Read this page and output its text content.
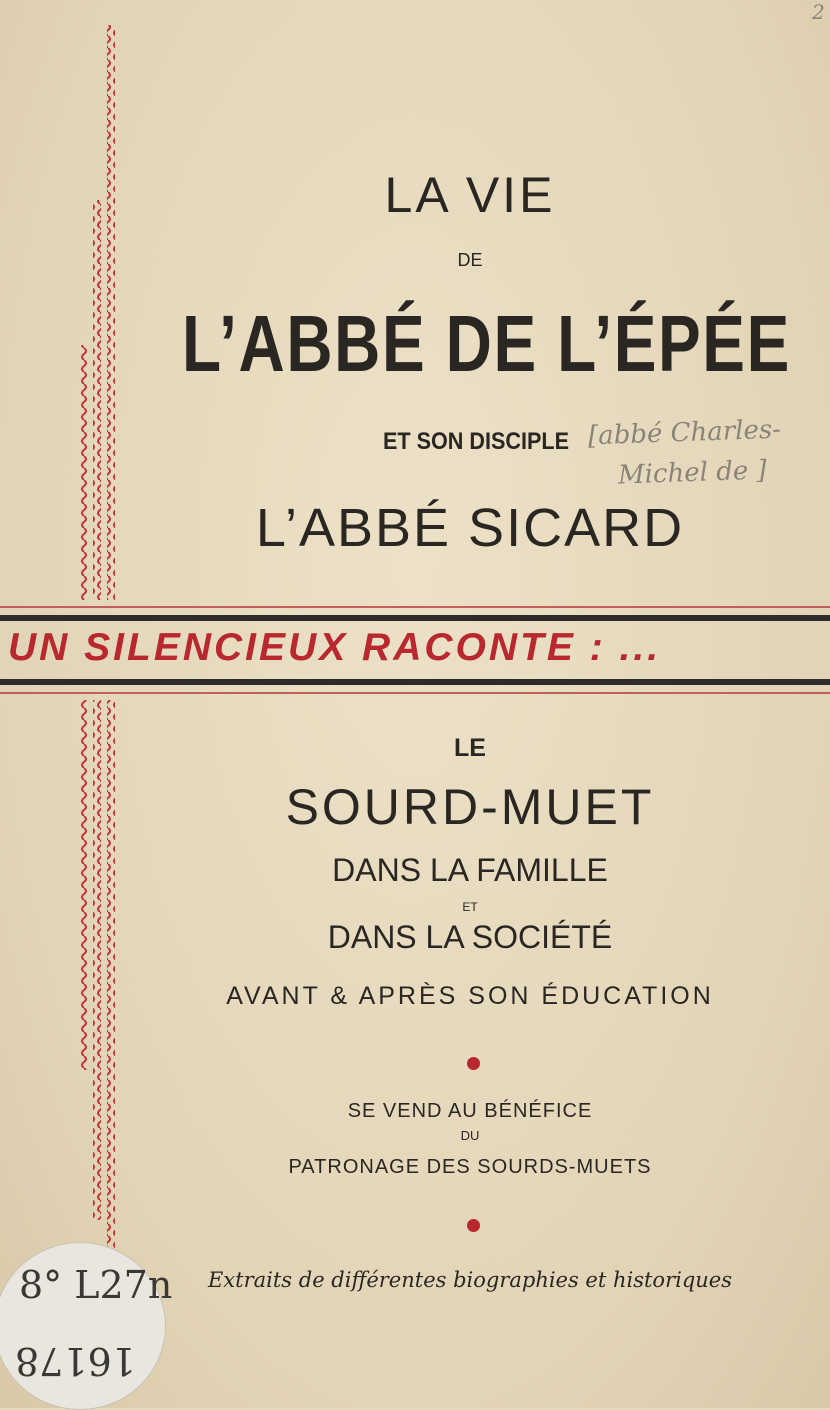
LA VIE
DE
L’ABBÉ DE L’ÉPÉE
ET SON DISCIPLE [abbé Charles-
Michel de ]
2
L’ABBÉ SICARD
UN SILENCIEUX RACONTE : ...
LE
SOURD-MUET
DANS LA FAMILLE
ET
DANS LA SOCIÉTÉ
AVANT & APRÈS SON ÉDUCATION
SE VEND AU BÉNÉFICE
DU
PATRONAGE DES SOURDS-MUETS
Extraits de différentes biographies et historiques
8° L27n
16178
